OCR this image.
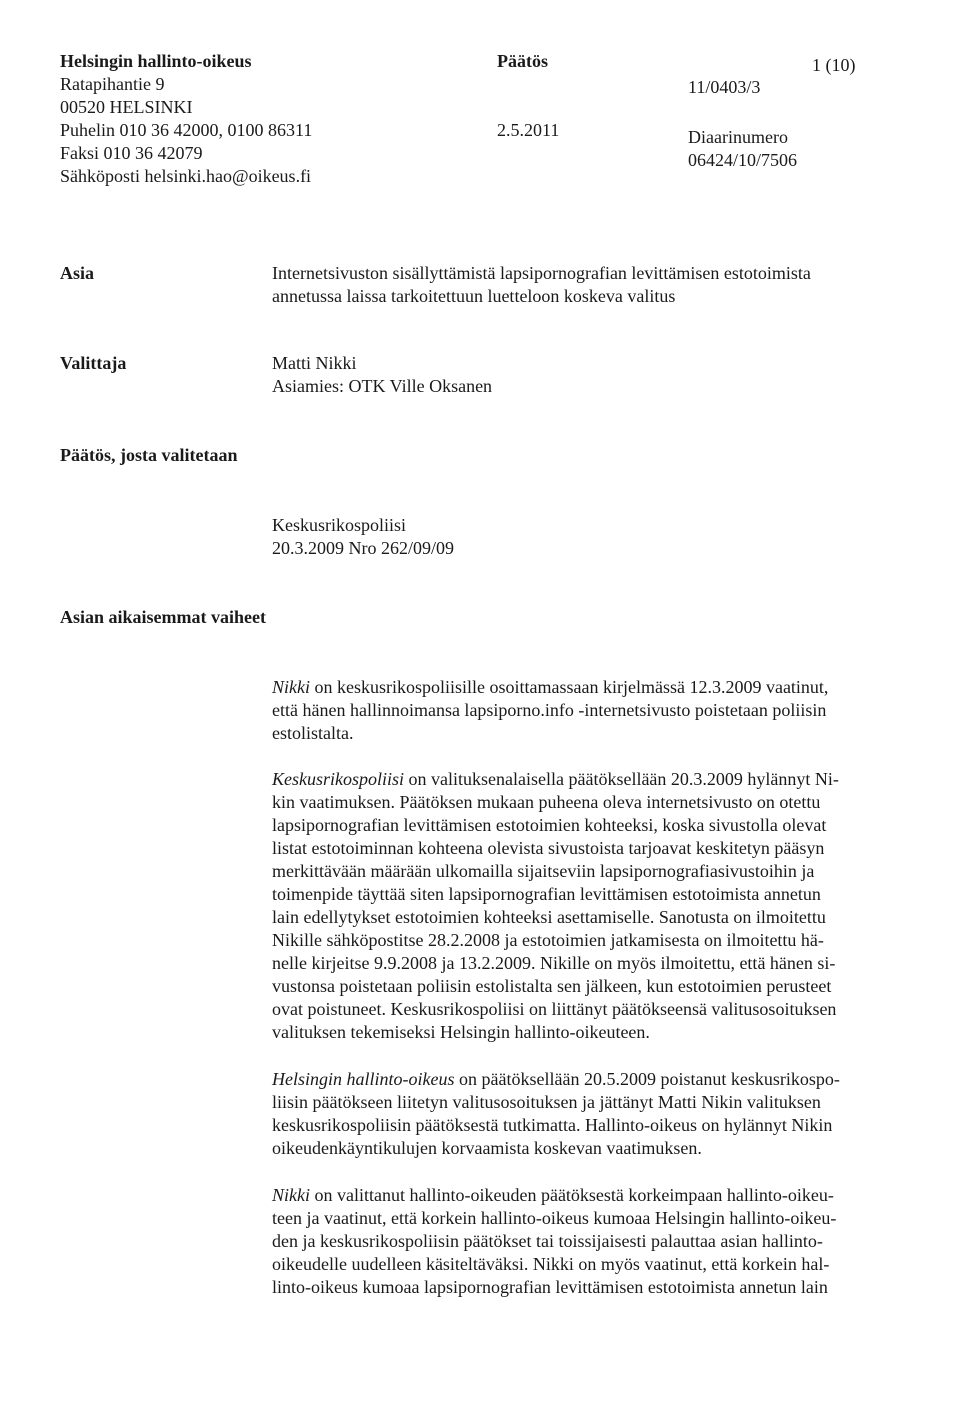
Helsingin hallinto-oikeus
Ratapihantie 9
00520 HELSINKI
Puhelin 010 36 42000, 0100 86311
Faksi 010 36 42079
Sähköposti helsinki.hao@oikeus.fi
Päätös
2.5.2011
11/0403/3
Diaarinumero
06424/10/7506
1 (10)
Asia	Internetsivuston sisällyttämistä lapsipornografian levittämisen estotoimista

annetussa laissa tarkoitettuun luetteloon koskeva valitus

Valittaja	Matti Nikki

Asiamies: OTK Ville Oksanen

Päätös, josta valitetaan

Keskusrikospoliisi

20.3.2009 Nro 262/09/09

Asian aikaisemmat vaiheet

Nikki on keskusrikospoliisille osoittamassaan kirjelmässä 12.3.2009 vaatinut,

että hänen hallinnoimansa lapsiporno.info -internetsivusto poistetaan poliisin

estolistalta.

Keskusrikospoliisi on valituksenalaisella päätöksellään 20.3.2009 hylännyt Ni-

kin vaatimuksen. Päätöksen mukaan puheena oleva internetsivusto on otettu

lapsipornografian levittämisen estotoimien kohteeksi, koska sivustolla olevat

listat estotoiminnan kohteena olevista sivustoista tarjoavat keskitetyn pääsyn

merkittävään määrään ulkomailla sijaitseviin lapsipornografiasivustoihin ja

toimenpide täyttää siten lapsipornografian levittämisen estotoimista annetun

lain edellytykset estotoimien kohteeksi asettamiselle. Sanotusta on ilmoitettu

Nikille sähköpostitse 28.2.2008 ja estotoimien jatkamisesta on ilmoitettu hä-

nelle kirjeitse 9.9.2008 ja 13.2.2009. Nikille on myös ilmoitettu, että hänen si-

vustonsa poistetaan poliisin estolistalta sen jälkeen, kun estotoimien perusteet

ovat poistuneet. Keskusrikospoliisi on liittänyt päätökseensä valitusosoituksen

valituksen tekemiseksi Helsingin hallinto-oikeuteen.

Helsingin hallinto-oikeus on päätöksellään 20.5.2009 poistanut keskusrikospo-

liisin päätökseen liitetyn valitusosoituksen ja jättänyt Matti Nikin valituksen

keskusrikospoliisin päätöksestä tutkimatta. Hallinto-oikeus on hylännyt Nikin

oikeudenkäyntikulujen korvaamista koskevan vaatimuksen.

Nikki on valittanut hallinto-oikeuden päätöksestä korkeimpaan hallinto-oikeu-

teen ja vaatinut, että korkein hallinto-oikeus kumoaa Helsingin hallinto-oikeu-

den ja keskusrikospoliisin päätökset tai toissijaisesti palauttaa asian hallinto-

oikeudelle uudelleen käsiteltäväksi. Nikki on myös vaatinut, että korkein hal-

linto-oikeus kumoaa lapsipornografian levittämisen estotoimista annetun lain
